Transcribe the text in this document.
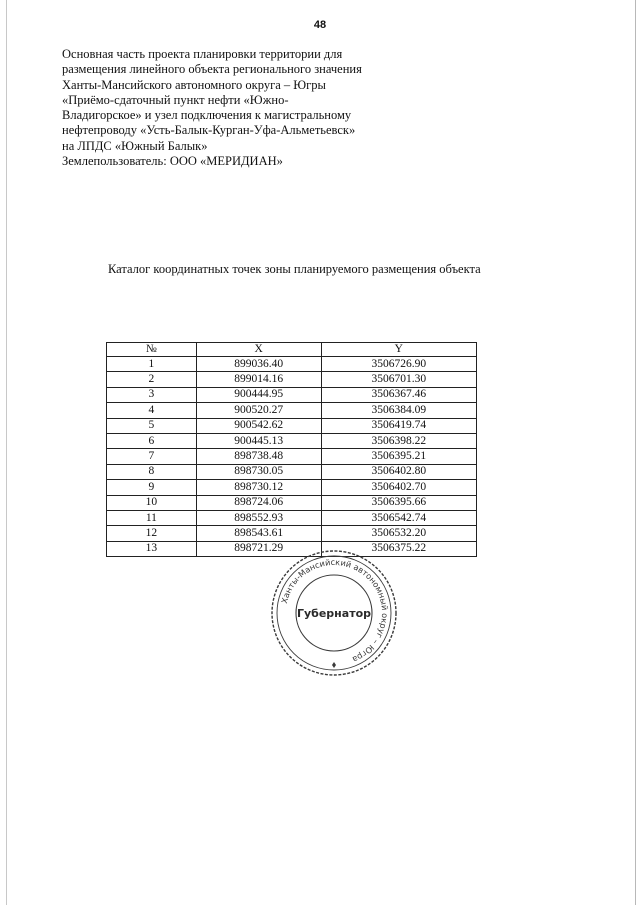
48
Основная часть проекта планировки территории для
размещения линейного объекта регионального значения
Ханты-Мансийского автономного округа – Югры
«Приёмо-сдаточный пункт нефти «Южно-
Владигорское» и узел подключения к магистральному
нефтепроводу «Усть-Балык-Курган-Уфа-Альметьевск»
на ЛПДС «Южный Балык»
Землепользователь: ООО «МЕРИДИАН»
Каталог координатных точек зоны планируемого размещения объекта
№	X	Y
1	899036.40	3506726.90
2	899014.16	3506701.30
3	900444.95	3506367.46
4	900520.27	3506384.09
5	900542.62	3506419.74
6	900445.13	3506398.22
7	898738.48	3506395.21
8	898730.05	3506402.80
9	898730.12	3506402.70
10	898724.06	3506395.66
11	898552.93	3506542.74
12	898543.61	3506532.20
13	898721.29	3506375.22
Ханты-Мансийский автономный округ – Югра
Губернатор
